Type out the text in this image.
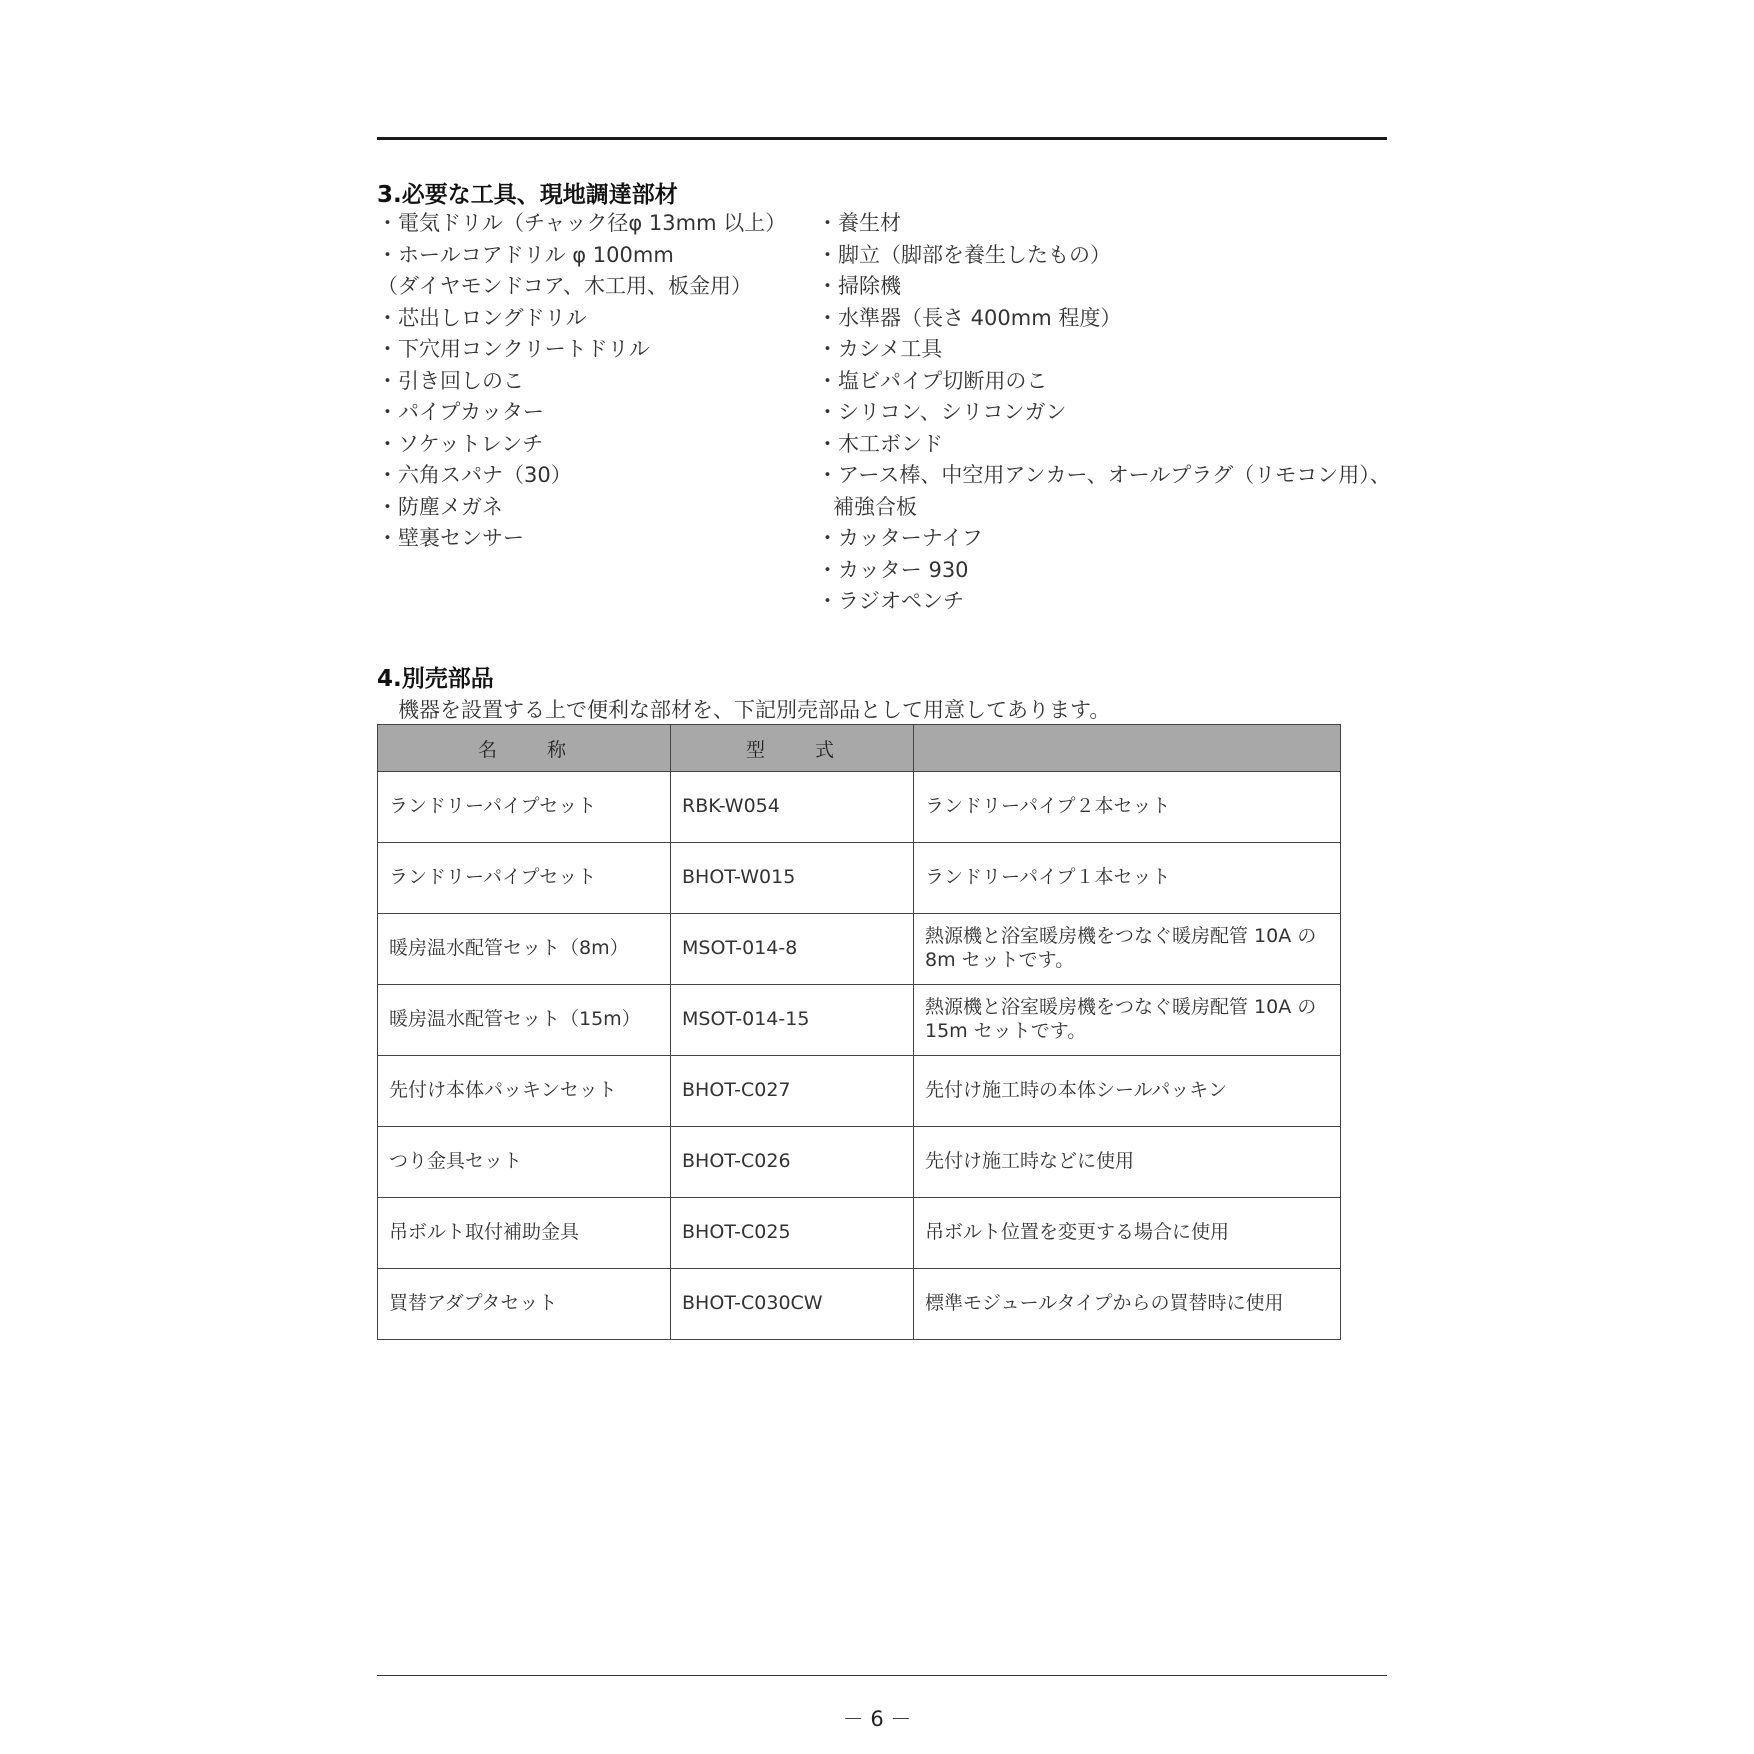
3.必要な工具、現地調達部材
・電気ドリル（チャック径φ 13mm 以上）
・ホールコアドリル φ 100mm
（ダイヤモンドコア、木工用、板金用）
・芯出しロングドリル
・下穴用コンクリートドリル
・引き回しのこ
・パイプカッター
・ソケットレンチ
・六角スパナ（30）
・防塵メガネ
・壁裏センサー
・養生材
・脚立（脚部を養生したもの）
・掃除機
・水準器（長さ 400mm 程度）
・カシメ工具
・塩ビパイプ切断用のこ
・シリコン、シリコンガン
・木工ボンド
・アース棒、中空用アンカー、オールプラグ（リモコン用）、
補強合板
・カッターナイフ
・カッター 930
・ラジオペンチ
4.別売部品
機器を設置する上で便利な部材を、下記別売部品として用意してあります。
名　　称	型　　式	
ランドリーパイプセット	RBK-W054	ランドリーパイプ２本セット
ランドリーパイプセット	BHOT-W015	ランドリーパイプ１本セット
暖房温水配管セット（8m）	MSOT-014-8	熱源機と浴室暖房機をつなぐ暖房配管 10A の 8m セットです。
暖房温水配管セット（15m）	MSOT-014-15	熱源機と浴室暖房機をつなぐ暖房配管 10A の 15m セットです。
先付け本体パッキンセット	BHOT-C027	先付け施工時の本体シールパッキン
つり金具セット	BHOT-C026	先付け施工時などに使用
吊ボルト取付補助金具	BHOT-C025	吊ボルト位置を変更する場合に使用
買替アダプタセット	BHOT-C030CW	標準モジュールタイプからの買替時に使用
－ 6 －
